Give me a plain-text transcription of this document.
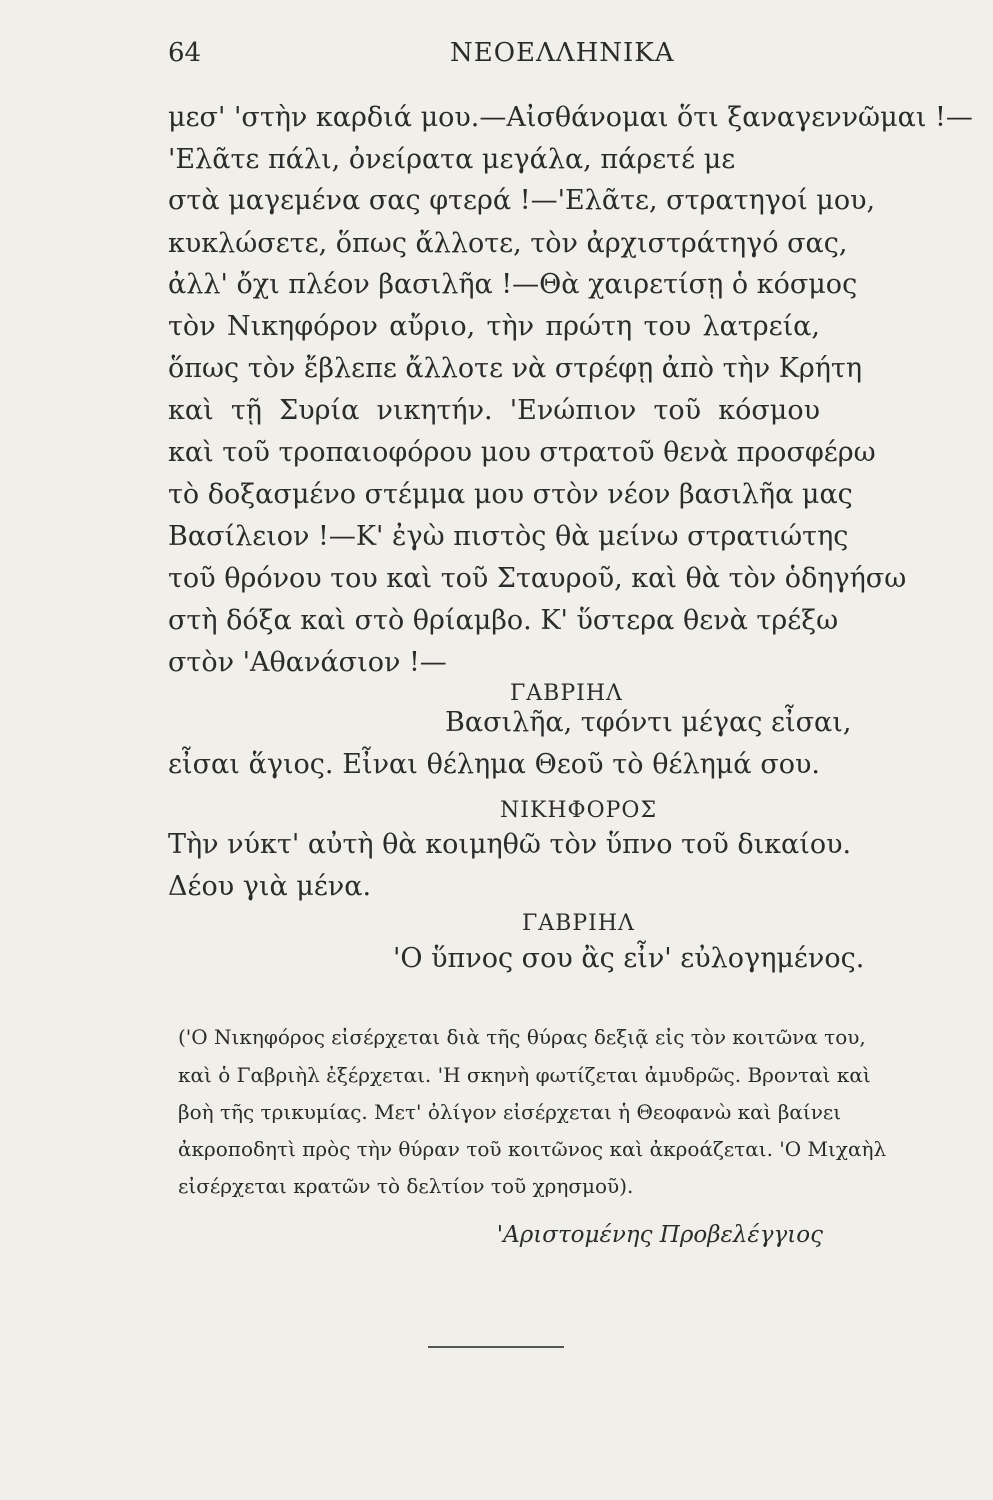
64	ΝΕΟΕΛΛΗΝΙΚΑ
μεσ' 'στὴν καρδιά μου.—Αἰσθάνομαι ὅτι ξαναγεννῶμαι !—
'Ελᾶτε πάλι, ὀνείρατα μεγάλα, πάρετέ με
στὰ μαγεμένα σας φτερά !—'Ελᾶτε, στρατηγοί μου,
κυκλώσετε, ὅπως ἄλλοτε, τὸν ἀρχιστράτηγό σας,
ἀλλ' ὄχι πλέον βασιλῆα !—Θὰ χαιρετίσῃ ὁ κόσμος
τὸν Νικηφόρον αὔριο, τὴν πρώτη του λατρεία,
ὅπως τὸν ἔβλεπε ἄλλοτε νὰ στρέφῃ ἀπὸ τὴν Κρήτη
καὶ τῇ Συρία νικητήν. 'Ενώπιον τοῦ κόσμου
καὶ τοῦ τροπαιοφόρου μου στρατοῦ θενὰ προσφέρω
τὸ δοξασμένο στέμμα μου στὸν νέον βασιλῆα μας
Βασίλειον !—Κ' ἐγὼ πιστὸς θὰ μείνω στρατιώτης
τοῦ θρόνου του καὶ τοῦ Σταυροῦ, καὶ θὰ τὸν ὁδηγήσω
στὴ δόξα καὶ στὸ θρίαμβο. Κ' ὕστερα θενὰ τρέξω
στὸν 'Αθανάσιον !—
ΓΑΒΡΙΗΛ
Βασιλῆα, τφόντι μέγας εἶσαι,
εἶσαι ἅγιος. Εἶναι θέλημα Θεοῦ τὸ θέλημά σου.
ΝΙΚΗΦΟΡΟΣ
Τὴν νύκτ' αὐτὴ θὰ κοιμηθῶ τὸν ὕπνο τοῦ δικαίου.
Δέου γιὰ μένα.
ΓΑΒΡΙΗΛ
'Ο ὕπνος σου ἂς εἶν' εὐλογημένος.
('Ο Νικηφόρος εἰσέρχεται διὰ τῆς θύρας δεξιᾷ εἰς τὸν κοιτῶνα του,
καὶ ὁ Γαβριὴλ ἐξέρχεται. 'Η σκηνὴ φωτίζεται ἀμυδρῶς. Βρονταὶ καὶ
βοὴ τῆς τρικυμίας. Μετ' ὀλίγον εἰσέρχεται ἡ Θεοφανὼ καὶ βαίνει
ἀκροποδητὶ πρὸς τὴν θύραν τοῦ κοιτῶνος καὶ ἀκροάζεται. 'Ο Μιχαὴλ
εἰσέρχεται κρατῶν τὸ δελτίον τοῦ χρησμοῦ).
'Αριστομένης Προβελέγγιος
